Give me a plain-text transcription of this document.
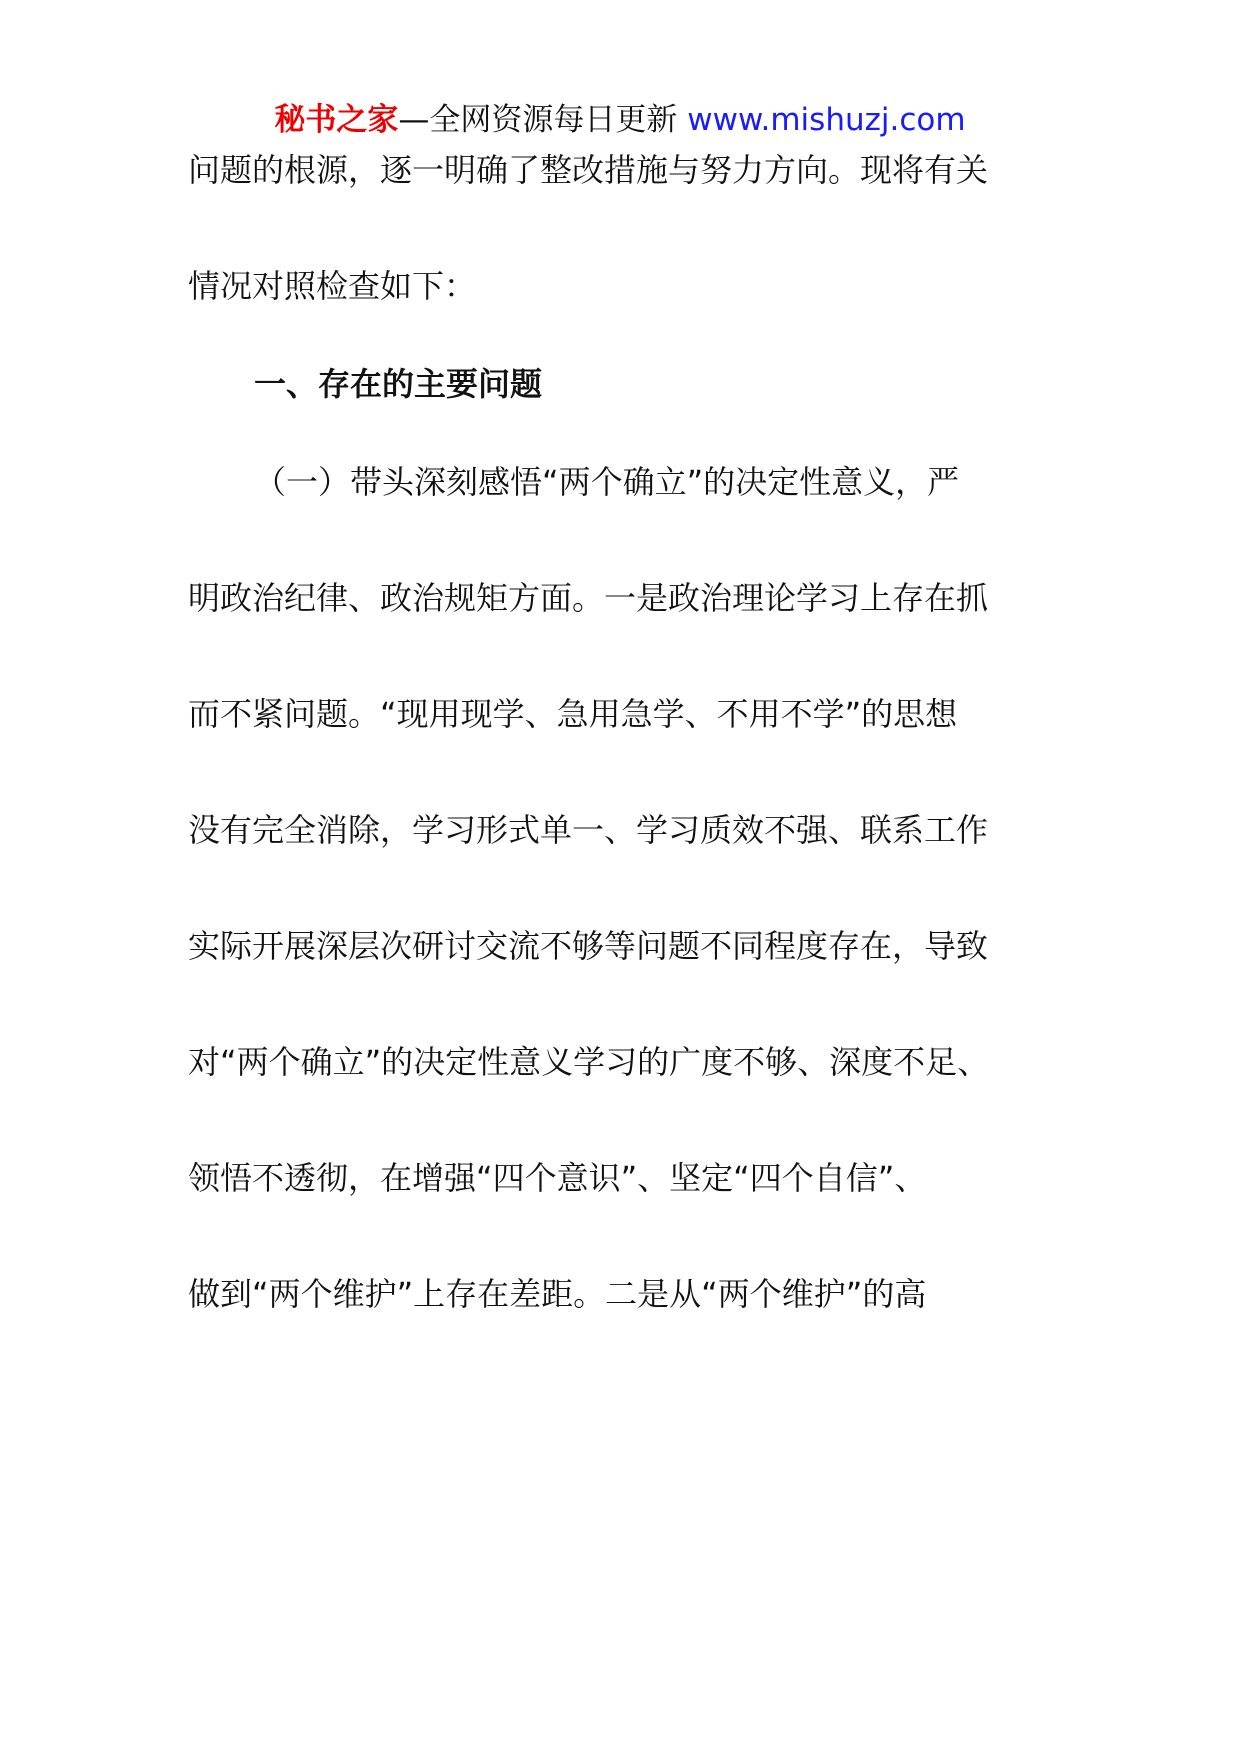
秘书之家—全网资源每日更新 www.mishuzj.com
问题的根源，逐一明确了整改措施与努力方向。现将有关
情况对照检查如下：
一、存在的主要问题
（一）带头深刻感悟“两个确立”的决定性意义，严
明政治纪律、政治规矩方面。一是政治理论学习上存在抓
而不紧问题。“现用现学、急用急学、不用不学”的思想
没有完全消除，学习形式单一、学习质效不强、联系工作
实际开展深层次研讨交流不够等问题不同程度存在，导致
对“两个确立”的决定性意义学习的广度不够、深度不足、
领悟不透彻，在增强“四个意识”、坚定“四个自信”、
做到“两个维护”上存在差距。二是从“两个维护”的高
